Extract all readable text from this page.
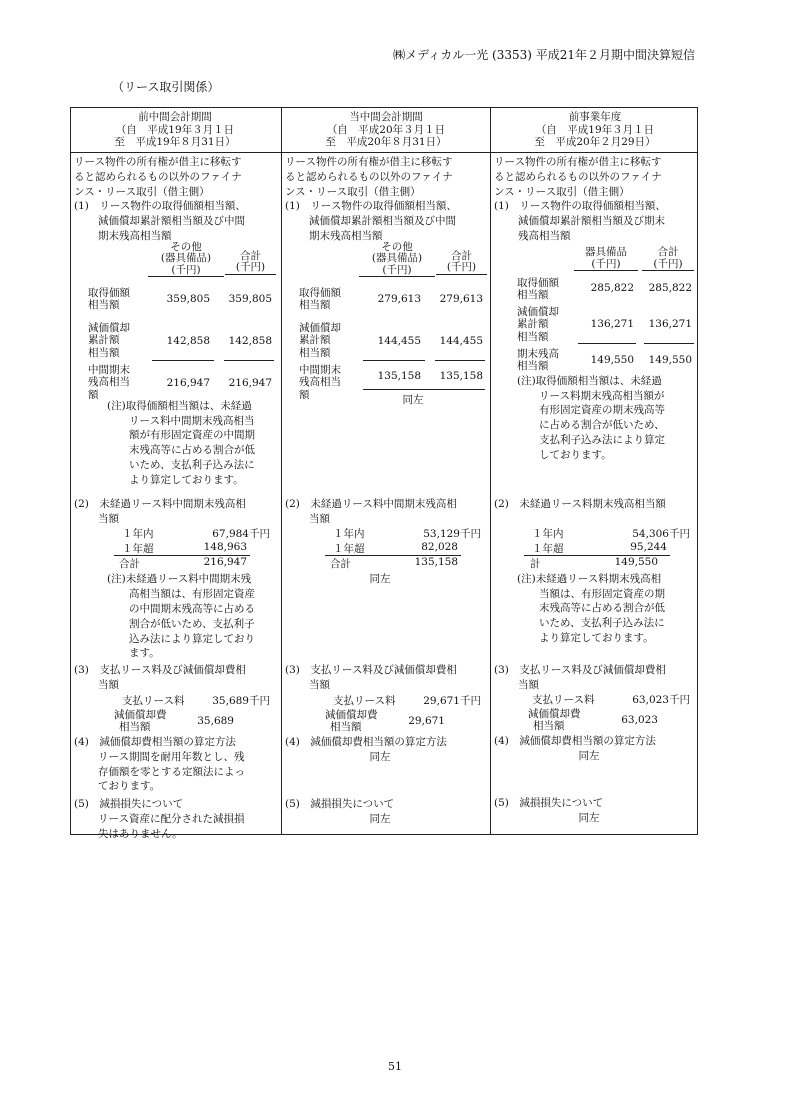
㈱メディカル一光 (3353) 平成21年２月期中間決算短信
（リース取引関係）
前中間会計期間
（自　平成19年３月１日
至　平成19年８月31日）
当中間会計期間
（自　平成20年３月１日
至　平成20年８月31日）
前事業年度
（自　平成19年３月１日
至　平成20年２月29日）
リース物件の所有権が借主に移転す
ると認められるもの以外のファイナ
ンス・リース取引（借主側）
(1)　リース物件の取得価額相当額、
減価償却累計額相当額及び中間
期末残高相当額
その他
(器具備品)
(千円)
合計
(千円)
取得価額
相当額
359,805	359,805
減価償却
累計額
相当額
142,858	142,858
中間期末
残高相当
額
216,947	216,947
(注)取得価額相当額は、未経過
リース料中間期末残高相当
額が有形固定資産の中間期
末残高等に占める割合が低
いため、支払利子込み法に
より算定しております。
(2)　未経過リース料中間期末残高相
当額
１年内	67,984千円
１年超	148,963
合計	216,947
(注)未経過リース料中間期末残
高相当額は、有形固定資産
の中間期末残高等に占める
割合が低いため、支払利子
込み法により算定しており
ます。
(3)　支払リース料及び減価償却費相
当額
支払リース料	35,689千円
減価償却費
相当額	35,689
(4)　減価償却費相当額の算定方法
リース期間を耐用年数とし、残
存価額を零とする定額法によっ
ております。
(5)　減損損失について
リース資産に配分された減損損
失はありません。
リース物件の所有権が借主に移転す
ると認められるもの以外のファイナ
ンス・リース取引（借主側）
(1)　リース物件の取得価額相当額、
減価償却累計額相当額及び中間
期末残高相当額
その他
(器具備品)
(千円)
合計
(千円)
取得価額
相当額
279,613	279,613
減価償却
累計額
相当額
144,455	144,455
中間期末
残高相当
額
135,158	135,158
同左
(2)　未経過リース料中間期末残高相
当額
１年内	53,129千円
１年超	82,028
合計	135,158
同左
(3)　支払リース料及び減価償却費相
当額
支払リース料	29,671千円
減価償却費
相当額	29,671
(4)　減価償却費相当額の算定方法
同左
(5)　減損損失について
同左
リース物件の所有権が借主に移転す
ると認められるもの以外のファイナ
ンス・リース取引（借主側）
(1)　リース物件の取得価額相当額、
減価償却累計額相当額及び期末
残高相当額
器具備品
(千円)
合計
(千円)
取得価額
相当額
285,822	285,822
減価償却
累計額
相当額
136,271	136,271
期末残高
相当額
149,550	149,550
(注)取得価額相当額は、未経過
リース料期末残高相当額が
有形固定資産の期末残高等
に占める割合が低いため、
支払利子込み法により算定
しております。
(2)　未経過リース料期末残高相当額
１年内	54,306千円
１年超	95,244
計	149,550
(注)未経過リース料期末残高相
当額は、有形固定資産の期
末残高等に占める割合が低
いため、支払利子込み法に
より算定しております。
(3)　支払リース料及び減価償却費相
当額
支払リース料	63,023千円
減価償却費
相当額	63,023
(4)　減価償却費相当額の算定方法
同左
(5)　減損損失について
同左
51
